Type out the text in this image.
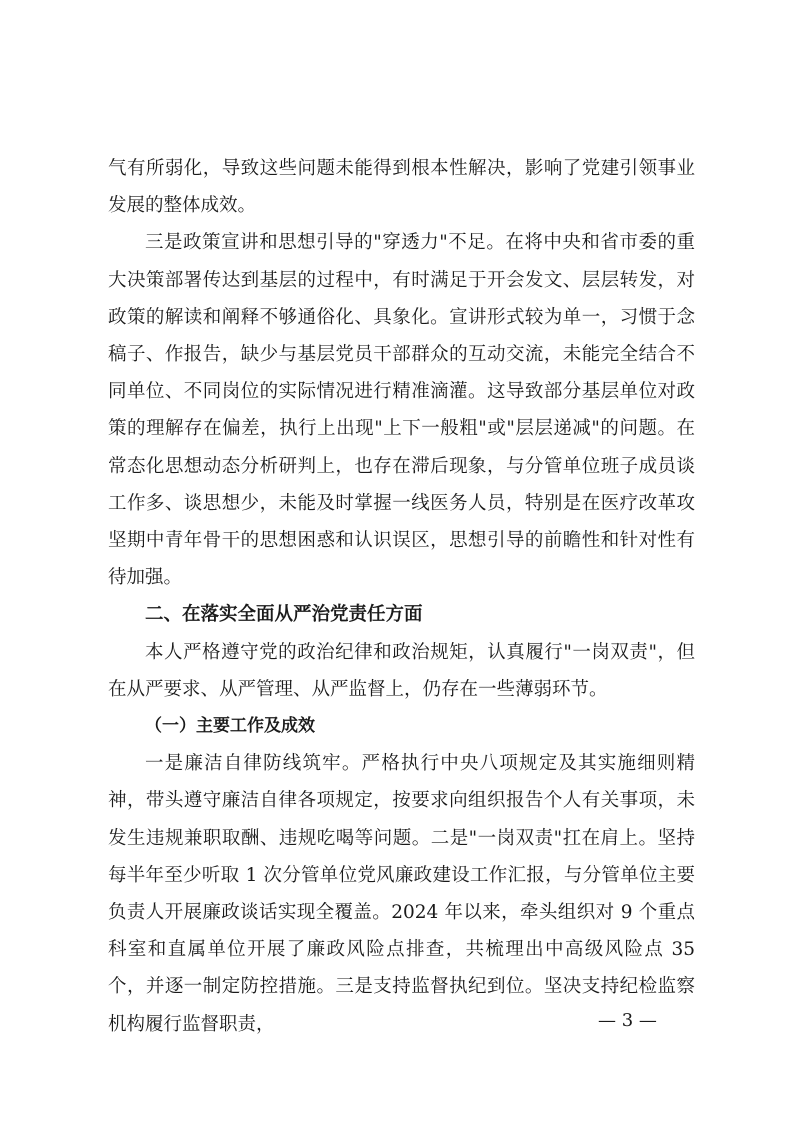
气有所弱化，导致这些问题未能得到根本性解决，影响了党建引领事业发展的整体成效。

三是政策宣讲和思想引导的"穿透力"不足。在将中央和省市委的重大决策部署传达到基层的过程中，有时满足于开会发文、层层转发，对政策的解读和阐释不够通俗化、具象化。宣讲形式较为单一，习惯于念稿子、作报告，缺少与基层党员干部群众的互动交流，未能完全结合不同单位、不同岗位的实际情况进行精准滴灌。这导致部分基层单位对政策的理解存在偏差，执行上出现"上下一般粗"或"层层递减"的问题。在常态化思想动态分析研判上，也存在滞后现象，与分管单位班子成员谈工作多、谈思想少，未能及时掌握一线医务人员，特别是在医疗改革攻坚期中青年骨干的思想困惑和认识误区，思想引导的前瞻性和针对性有待加强。

二、在落实全面从严治党责任方面

本人严格遵守党的政治纪律和政治规矩，认真履行"一岗双责"，但在从严要求、从严管理、从严监督上，仍存在一些薄弱环节。

（一）主要工作及成效

一是廉洁自律防线筑牢。严格执行中央八项规定及其实施细则精神，带头遵守廉洁自律各项规定，按要求向组织报告个人有关事项，未发生违规兼职取酬、违规吃喝等问题。二是"一岗双责"扛在肩上。坚持每半年至少听取 1 次分管单位党风廉政建设工作汇报，与分管单位主要负责人开展廉政谈话实现全覆盖。2024 年以来，牵头组织对 9 个重点科室和直属单位开展了廉政风险点排查，共梳理出中高级风险点 35 个，并逐一制定防控措施。三是支持监督执纪到位。坚决支持纪检监察机构履行监督职责，	— 3 —
